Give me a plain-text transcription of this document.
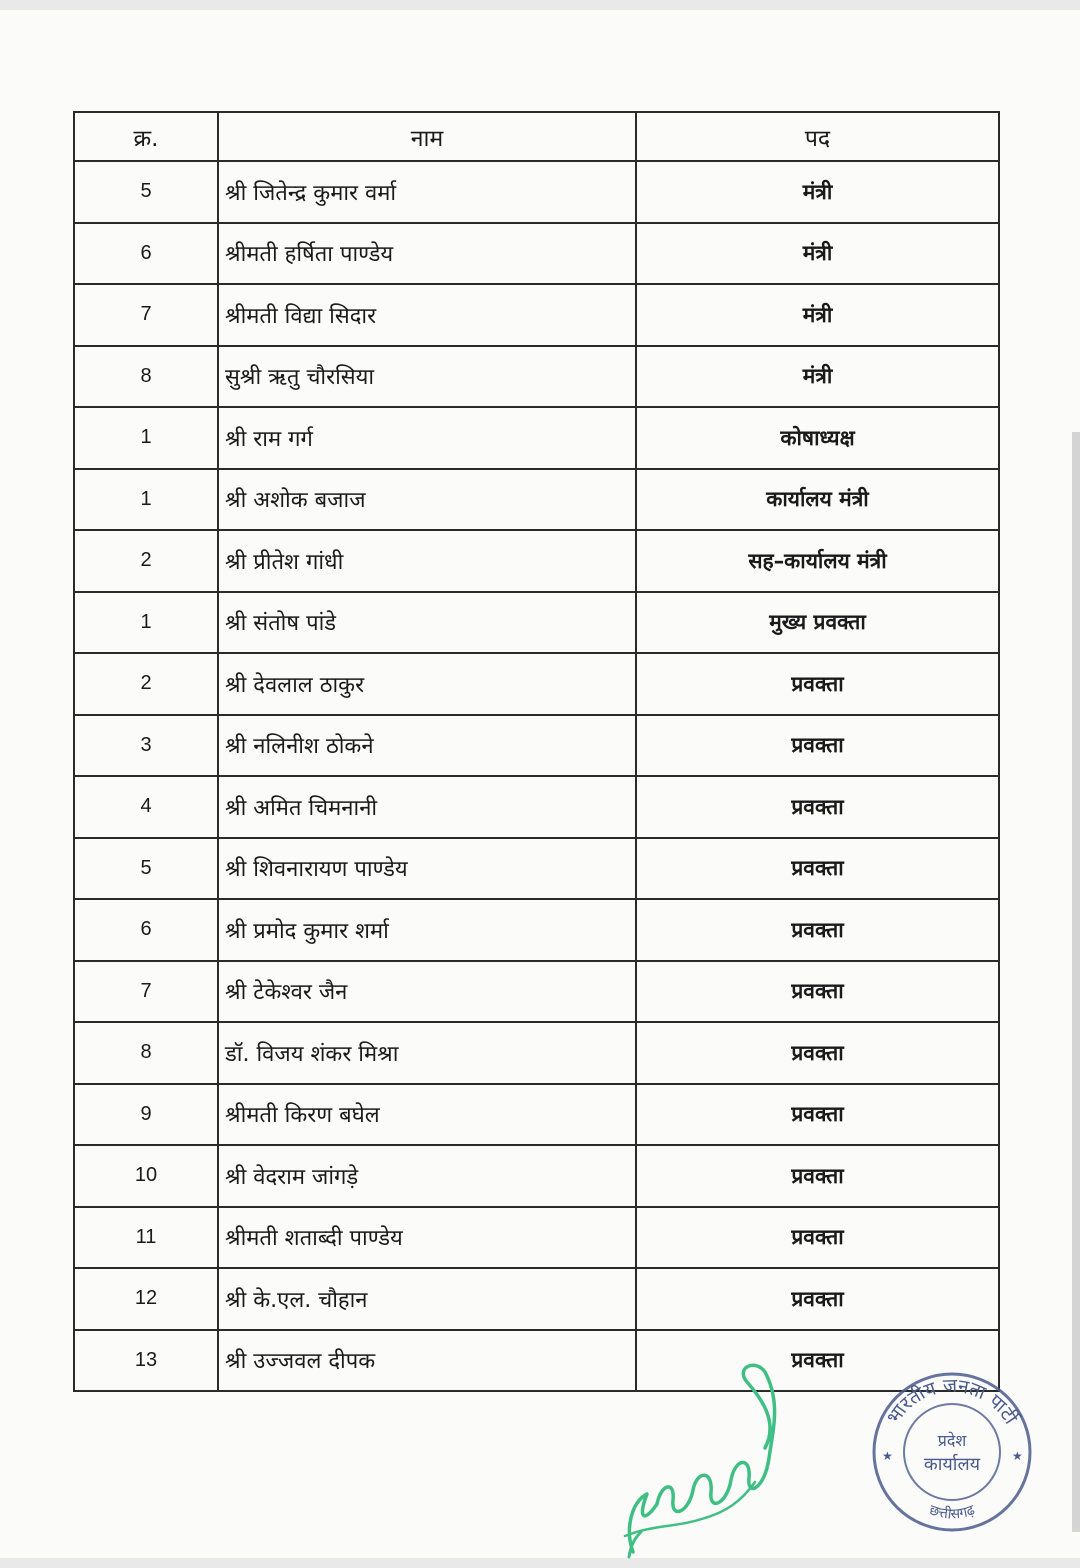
क्र.	नाम	पद
5	श्री जितेन्द्र कुमार वर्मा	मंत्री
6	श्रीमती हर्षिता पाण्डेय	मंत्री
7	श्रीमती विद्या सिदार	मंत्री
8	सुश्री ऋतु चौरसिया	मंत्री
1	श्री राम गर्ग	कोषाध्यक्ष
1	श्री अशोक बजाज	कार्यालय मंत्री
2	श्री प्रीतेश गांधी	सह–कार्यालय मंत्री
1	श्री संतोष पांडे	मुख्य प्रवक्ता
2	श्री देवलाल ठाकुर	प्रवक्ता
3	श्री नलिनीश ठोकने	प्रवक्ता
4	श्री अमित चिमनानी	प्रवक्ता
5	श्री शिवनारायण पाण्डेय	प्रवक्ता
6	श्री प्रमोद कुमार शर्मा	प्रवक्ता
7	श्री टेकेश्वर जैन	प्रवक्ता
8	डॉ. विजय शंकर मिश्रा	प्रवक्ता
9	श्रीमती किरण बघेल	प्रवक्ता
10	श्री वेदराम जांगड़े	प्रवक्ता
11	श्रीमती शताब्दी पाण्डेय	प्रवक्ता
12	श्री के.एल. चौहान	प्रवक्ता
13	श्री उज्जवल दीपक	प्रवक्ता
भारतीय जनता पार्टी
छत्तीसगढ़
प्रदेश
कार्यालय
★	★
